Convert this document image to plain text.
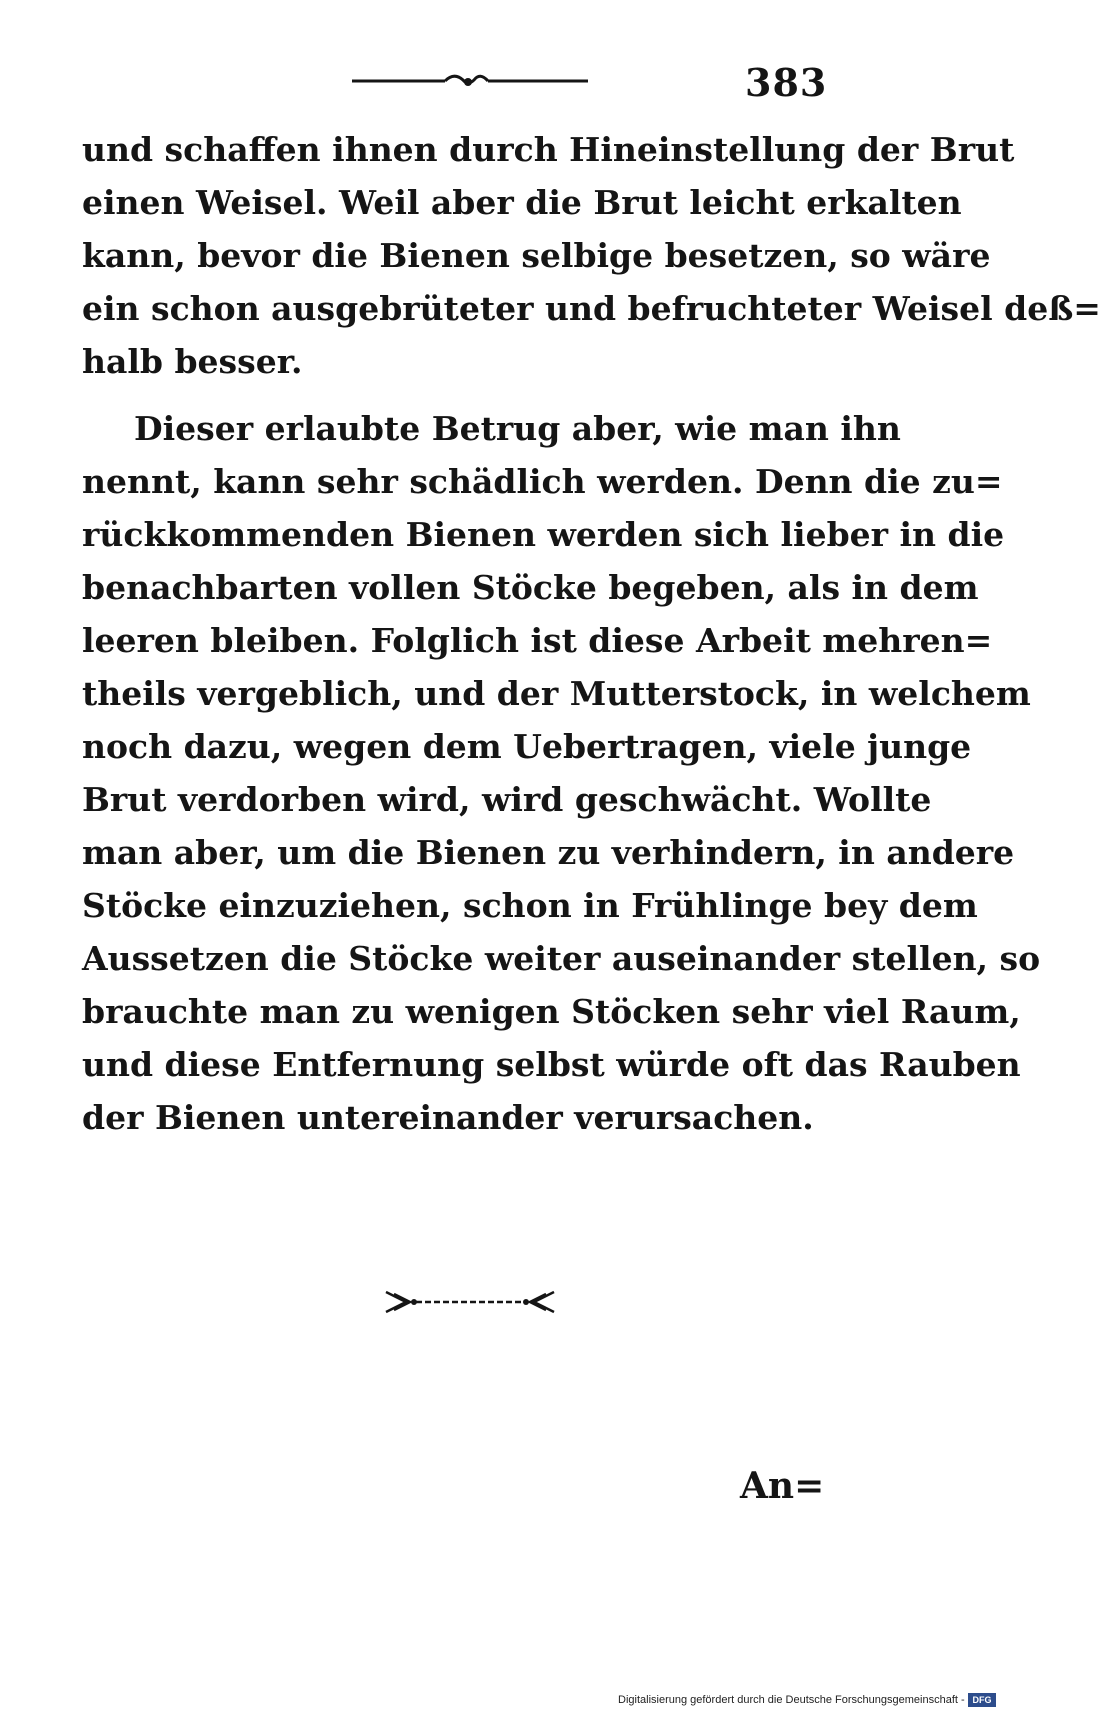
383
und schaffen ihnen durch Hineinstellung der Brut
einen Weisel. Weil aber die Brut leicht erkalten
kann, bevor die Bienen selbige besetzen, so wäre
ein schon ausgebrüteter und befruchteter Weisel deß=
halb besser.
Dieser erlaubte Betrug aber, wie man ihn
nennt, kann sehr schädlich werden. Denn die zu=
rückkommenden Bienen werden sich lieber in die
benachbarten vollen Stöcke begeben, als in dem
leeren bleiben. Folglich ist diese Arbeit mehren=
theils vergeblich, und der Mutterstock, in welchem
noch dazu, wegen dem Uebertragen, viele junge
Brut verdorben wird, wird geschwächt. Wollte
man aber, um die Bienen zu verhindern, in andere
Stöcke einzuziehen, schon in Frühlinge bey dem
Aussetzen die Stöcke weiter auseinander stellen, so
brauchte man zu wenigen Stöcken sehr viel Raum,
und diese Entfernung selbst würde oft das Rauben
der Bienen untereinander verursachen.
An=
Digitalisierung gefördert durch die Deutsche Forschungsgemeinschaft - DFG
